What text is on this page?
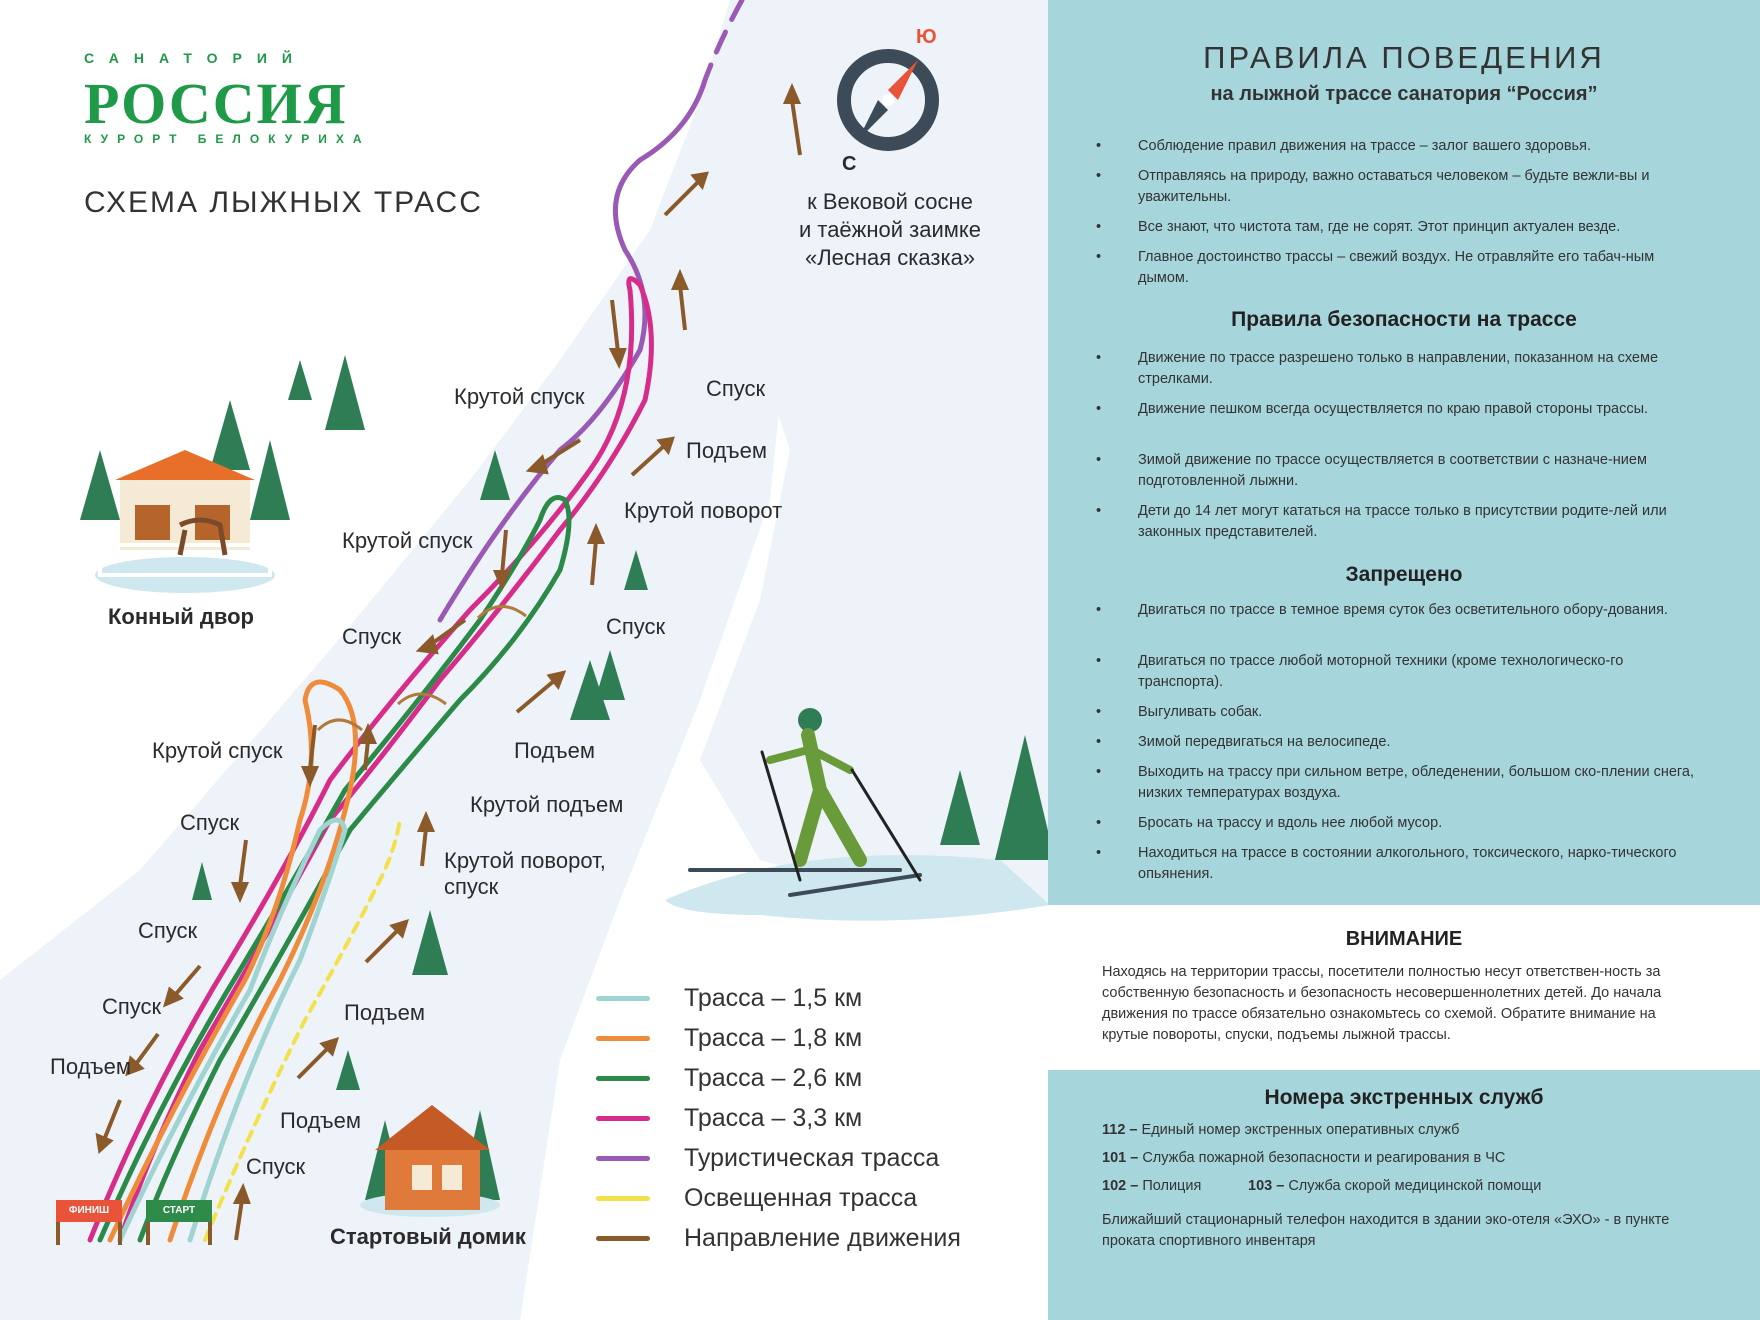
САНАТОРИЙ
РОССИЯ
КУРОРТ БЕЛОКУРИХА
СХЕМА ЛЫЖНЫХ ТРАСС
Ю
С
к Вековой сосне
и таёжной заимке
«Лесная сказка»
Крутой спуск	Спуск
Подъем
Крутой поворот
Крутой спуск
Спуск
Спуск
Подъем
Крутой спуск
Спуск
Крутой подъем
Крутой поворот,
спуск
Спуск
Спуск	Подъем
Подъем
Подъем
Спуск
Конный двор
Стартовый домик
ФИНИШ	СТАРТ
Трасса – 1,5 км
Трасса – 1,8 км
Трасса – 2,6 км
Трасса – 3,3 км
Туристическая трасса
Освещенная трасса
Направление движения
ПРАВИЛА ПОВЕДЕНИЯ
на лыжной трассе санатория “Россия”
• Соблюдение правил движения на трассе – залог вашего здоровья.
• Отправляясь на природу, важно оставаться человеком – будьте вежли-вы и уважительны.
• Все знают, что чистота там, где не сорят. Этот принцип актуален везде.
• Главное достоинство трассы – свежий воздух. Не отравляйте его табач-ным дымом.
Правила безопасности на трассе
• Движение по трассе разрешено только в направлении, показанном на схеме стрелками.
• Движение пешком всегда осуществляется по краю правой стороны трассы.
• Зимой движение по трассе осуществляется в соответствии с назначе-нием подготовленной лыжни.
• Дети до 14 лет могут кататься на трассе только в присутствии родите-лей или законных представителей.
Запрещено
• Двигаться по трассе в темное время суток без осветительного обору-дования.
• Двигаться по трассе любой моторной техники (кроме технологическо-го транспорта).
• Выгуливать собак.
• Зимой передвигаться на велосипеде.
• Выходить на трассу при сильном ветре, обледенении, большом ско-плении снега, низких температурах воздуха.
• Бросать на трассу и вдоль нее любой мусор.
• Находиться на трассе в состоянии алкогольного, токсического, нарко-тического опьянения.
ВНИМАНИЕ
Находясь на территории трассы, посетители полностью несут ответствен-ность за собственную безопасность и безопасность несовершеннолетних детей. До начала движения по трассе обязательно ознакомьтесь со схемой. Обратите внимание на крутые повороты, спуски, подъемы лыжной трассы.
Номера экстренных служб
112 – Единый номер экстренных оперативных служб
101 – Служба пожарной безопасности и реагирования в ЧС
102 – Полиция	103 – Служба скорой медицинской помощи
Ближайший стационарный телефон находится в здании эко-отеля «ЭХО» - в пункте проката спортивного инвентаря
